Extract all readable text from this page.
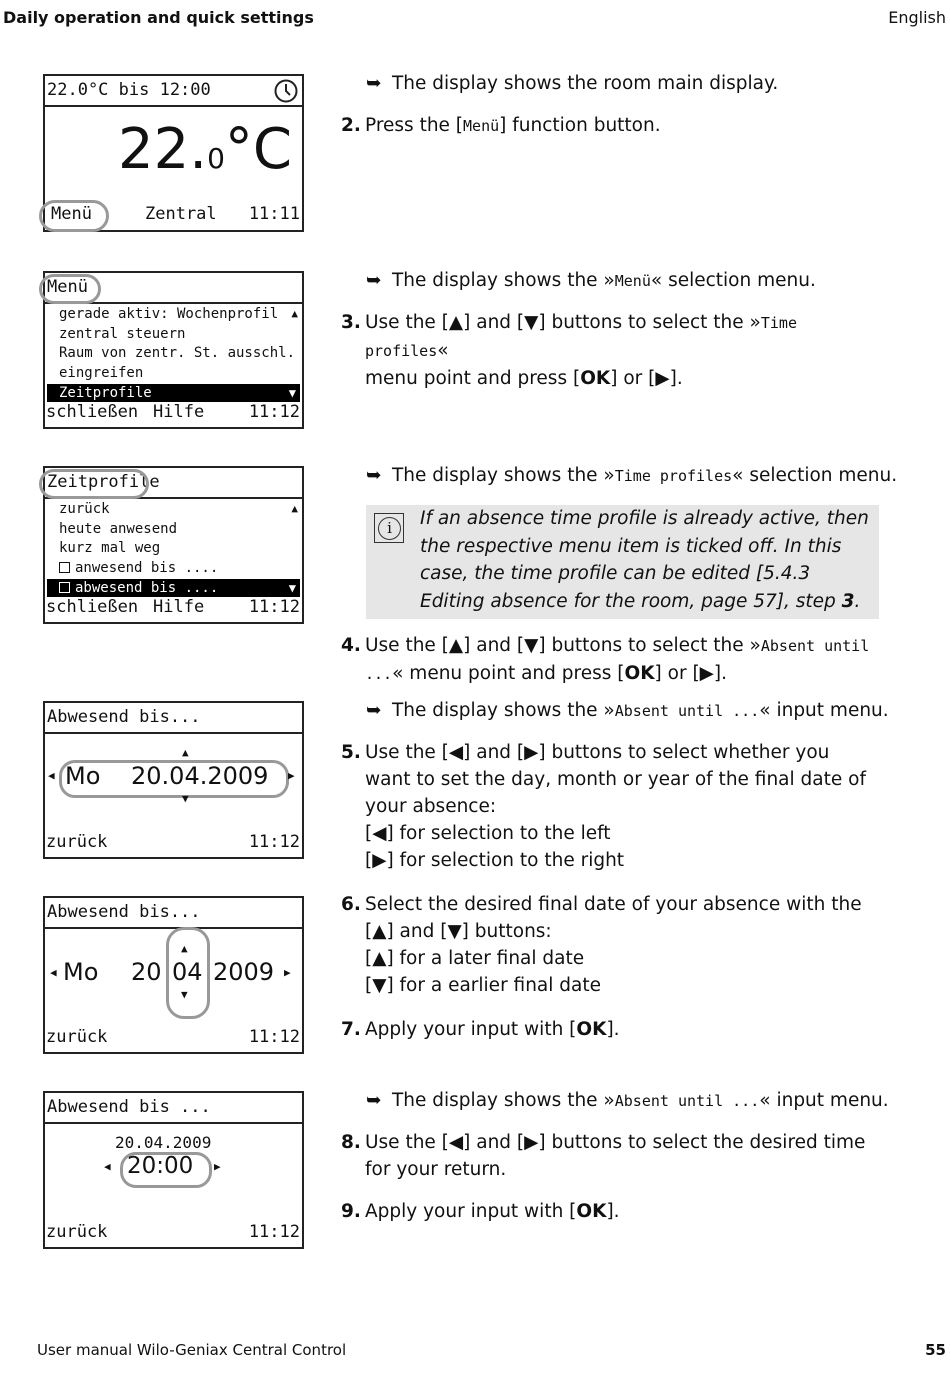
Daily operation and quick settings	English
22.0°C bis 12:00
22.0°C
Menü	Zentral 11:11
Menü
▲
gerade aktiv: Wochenprofil
zentral steuern
Raum von zentr. St. ausschl.
eingreifen
Zeitprofile	▼
schließen Hilfe	11:12
Zeitprofile
▲
zurück
heute anwesend
kurz mal weg
anwesend bis ....
abwesend bis ....	▼
schließen Hilfe	11:12
Abwesend bis...
▲
◀ Mo 20.04.2009 ▶
▼
zurück	11:12
Abwesend bis...
◀ Mo 20
▲
04
▼
2009 ▶
zurück	11:12
Abwesend bis ...
20.04.2009
◀ 20:00 ▶
zurück	11:12
➥ The display shows the room main display.
2. Press the [Menü] function button.
➥ The display shows the »Menü« selection menu.
3. Use the [▲] and [▼] buttons to select the »Time profiles«
menu point and press [OK] or [▶].
➥ The display shows the »Time profiles« selection menu.
i	If an absence time profile is already active, then the respective menu item is ticked off. In this case, the time profile can be edited [5.4.3 Editing absence for the room, page 57], step 3.
4. Use the [▲] and [▼] buttons to select the »Absent until
...« menu point and press [OK] or [▶].
➥ The display shows the »Absent until ...« input menu.
5. Use the [◀] and [▶] buttons to select whether you want to set the day, month or year of the final date of your absence:
[◀] for selection to the left
[▶] for selection to the right
6. Select the desired final date of your absence with the [▲] and [▼] buttons:
[▲] for a later final date
[▼] for a earlier final date
7. Apply your input with [OK].
➥ The display shows the »Absent until ...« input menu.
8. Use the [◀] and [▶] buttons to select the desired time for your return.
9. Apply your input with [OK].
User manual Wilo-Geniax Central Control	55
